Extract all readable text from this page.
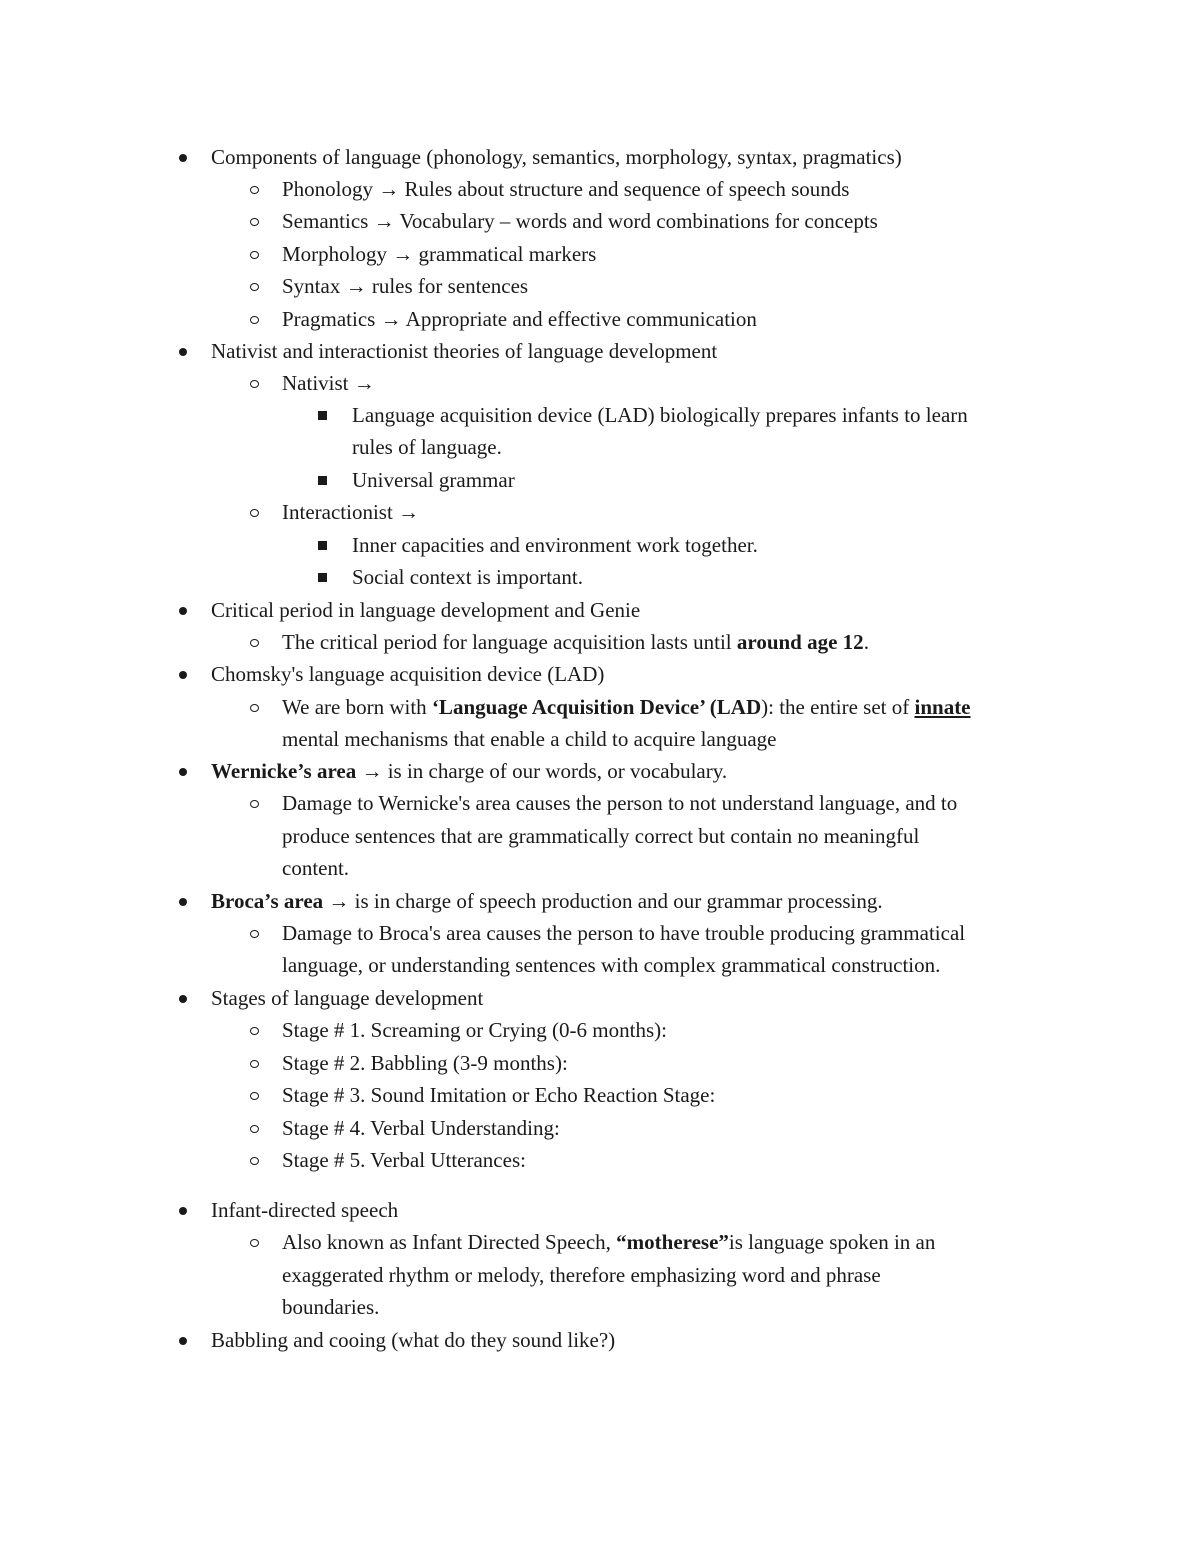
Components of language (phonology, semantics, morphology, syntax, pragmatics)
Phonology → Rules about structure and sequence of speech sounds
Semantics → Vocabulary – words and word combinations for concepts
Morphology → grammatical markers
Syntax → rules for sentences
Pragmatics → Appropriate and effective communication
Nativist and interactionist theories of language development
Nativist →
Language acquisition device (LAD) biologically prepares infants to learn
rules of language.
Universal grammar
Interactionist →
Inner capacities and environment work together.
Social context is important.
Critical period in language development and Genie
The critical period for language acquisition lasts until around age 12.
Chomsky's language acquisition device (LAD)
We are born with ‘Language Acquisition Device’ (LAD): the entire set of innate
mental mechanisms that enable a child to acquire language
Wernicke’s area → is in charge of our words, or vocabulary.
Damage to Wernicke's area causes the person to not understand language, and to
produce sentences that are grammatically correct but contain no meaningful
content.
Broca’s area → is in charge of speech production and our grammar processing.
Damage to Broca's area causes the person to have trouble producing grammatical
language, or understanding sentences with complex grammatical construction.
Stages of language development
Stage # 1. Screaming or Crying (0-6 months):
Stage # 2. Babbling (3-9 months):
Stage # 3. Sound Imitation or Echo Reaction Stage:
Stage # 4. Verbal Understanding:
Stage # 5. Verbal Utterances:
Infant-directed speech
Also known as Infant Directed Speech, “motherese”is language spoken in an
exaggerated rhythm or melody, therefore emphasizing word and phrase
boundaries.
Babbling and cooing (what do they sound like?)
